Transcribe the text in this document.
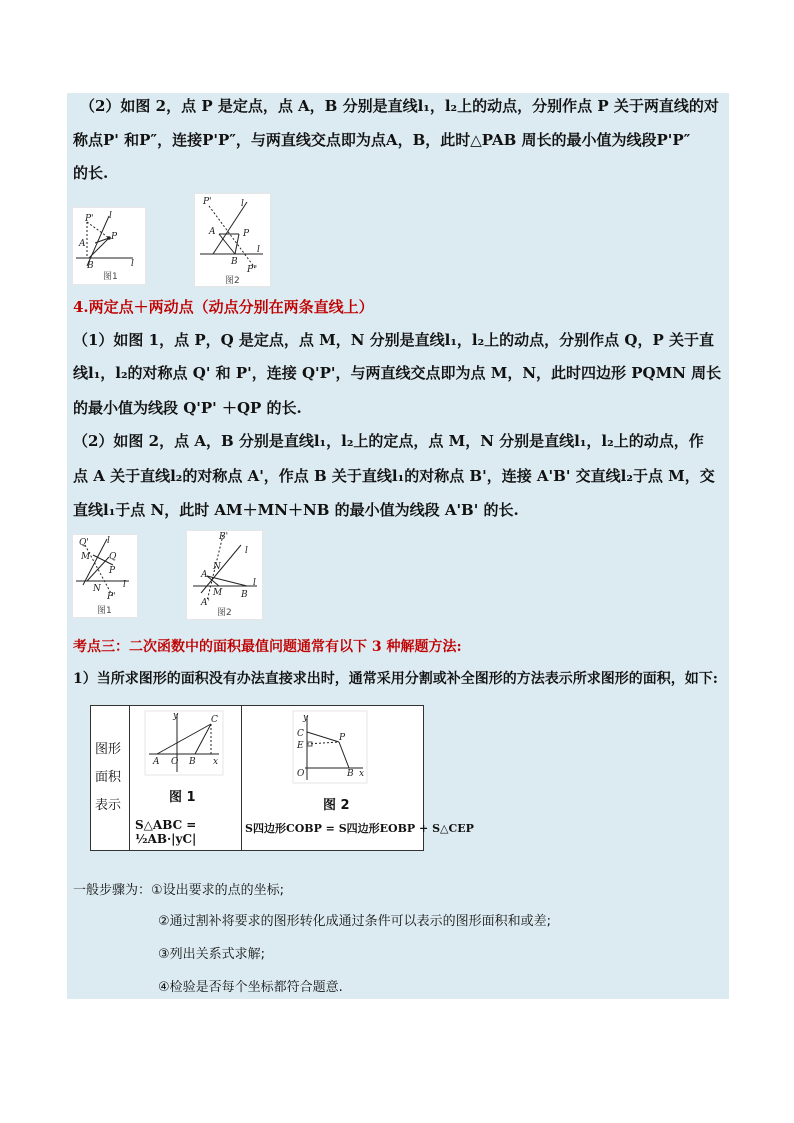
（2）如图 2，点 P 是定点，点 A，B 分别是直线l₁，l₂上的动点，分别作点 P 关于两直线的对
称点P' 和P″，连接P'P″，与两直线交点即为点A，B，此时△PAB 周长的最小值为线段P'P″
的长.
P' l
P
A
B	l
图1
P'	l
A	P
B
l
P"
图2
4.两定点＋两动点（动点分别在两条直线上）
（1）如图 1，点 P，Q 是定点，点 M，N 分别是直线l₁，l₂上的动点，分别作点 Q，P 关于直
线l₁，l₂的对称点 Q' 和 P'，连接 Q'P'，与两直线交点即为点 M，N，此时四边形 PQMN 周长
的最小值为线段 Q'P' ＋QP 的长.
（2）如图 2，点 A，B 分别是直线l₁，l₂上的定点，点 M，N 分别是直线l₁，l₂上的动点，作
点 A 关于直线l₂的对称点 A'，作点 B 关于直线l₁的对称点 B'，连接 A'B' 交直线l₂于点 M，交
直线l₁于点 N，此时 AM＋MN＋NB 的最小值为线段 A'B' 的长.
Q' l
M Q
P
N l
P'
图1
B'
l
N
A
M B
l
A'
图2
考点三：二次函数中的面积最值问题通常有以下 3 种解题方法:
1）当所求图形的面积没有办法直接求出时，通常采用分割或补全图形的方法表示所求图形的面积，如下:
图形面积表示
A O B x
y	C
图 1
S△ABC = ½AB·|yC|
C
E
P
O	B x
y
图 2
S四边形COBP = S四边形EOBP + S△CEP
一般步骤为：①设出要求的点的坐标;
②通过割补将要求的图形转化成通过条件可以表示的图形面积和或差;
③列出关系式求解;
④检验是否每个坐标都符合题意.
